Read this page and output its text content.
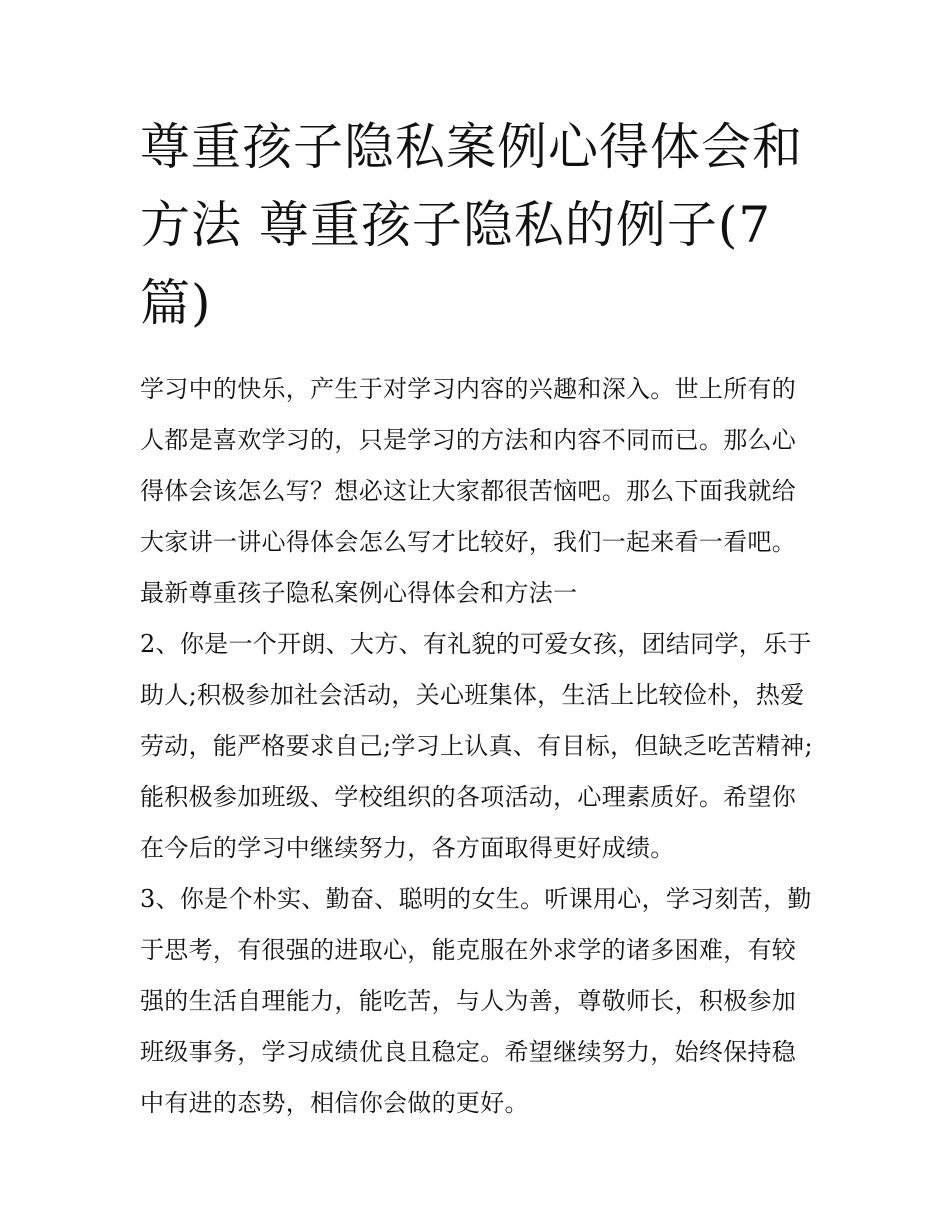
尊重孩子隐私案例心得体会和方法 尊重孩子隐私的例子(7篇)

学习中的快乐，产生于对学习内容的兴趣和深入。世上所有的人都是喜欢学习的，只是学习的方法和内容不同而已。那么心得体会该怎么写？想必这让大家都很苦恼吧。那么下面我就给大家讲一讲心得体会怎么写才比较好，我们一起来看一看吧。

最新尊重孩子隐私案例心得体会和方法一

2、你是一个开朗、大方、有礼貌的可爱女孩，团结同学，乐于助人;积极参加社会活动，关心班集体，生活上比较俭朴，热爱劳动，能严格要求自己;学习上认真、有目标，但缺乏吃苦精神;能积极参加班级、学校组织的各项活动，心理素质好。希望你在今后的学习中继续努力，各方面取得更好成绩。

3、你是个朴实、勤奋、聪明的女生。听课用心，学习刻苦，勤于思考，有很强的进取心，能克服在外求学的诸多困难，有较强的生活自理能力，能吃苦，与人为善，尊敬师长，积极参加班级事务，学习成绩优良且稳定。希望继续努力，始终保持稳中有进的态势，相信你会做的更好。
